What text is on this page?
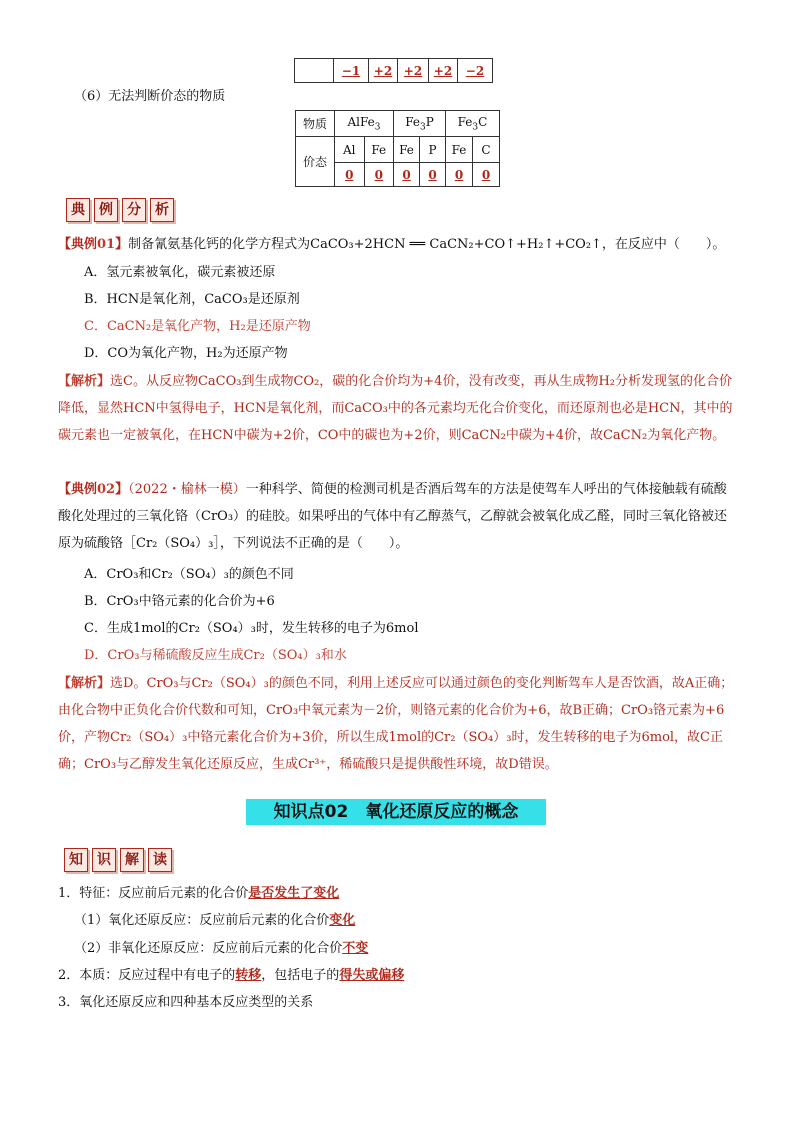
	−1	+2	+2	+2	−2
（6）无法判断价态的物质
物质	AlFe$_3$		$Fe_3P$		$Fe_3C$	
价态	Al	Fe	Fe	P	Fe	C
	0	0	0	0	0	0
典 例 分 析
【典例01】制备氰氨基化钙的化学方程式为CaCO₃+2HCN ══ CaCN₂+CO↑+H₂↑+CO₂↑，在反应中（　　）。
A．氢元素被氧化，碳元素被还原
B．HCN是氧化剂，CaCO₃是还原剂
C．CaCN₂是氧化产物，H₂是还原产物
D．CO为氧化产物，H₂为还原产物
【解析】选C。从反应物CaCO₃到生成物CO₂，碳的化合价均为+4价，没有改变，再从生成物H₂分析发现氢的化合价降低，显然HCN中氢得电子，HCN是氧化剂，而CaCO₃中的各元素均无化合价变化，而还原剂也必是HCN，其中的碳元素也一定被氧化，在HCN中碳为+2价，CO中的碳也为+2价，则CaCN₂中碳为+4价，故CaCN₂为氧化产物。
【典例02】（2022・榆林一模）一种科学、简便的检测司机是否酒后驾车的方法是使驾车人呼出的气体接触载有硫酸酸化处理过的三氧化铬（CrO₃）的硅胶。如果呼出的气体中有乙醇蒸气，乙醇就会被氧化成乙醛，同时三氧化铬被还原为硫酸铬［Cr₂（SO₄）₃］，下列说法不正确的是（　　）。
A．CrO₃和Cr₂（SO₄）₃的颜色不同
B．CrO₃中铬元素的化合价为+6
C．生成1mol的Cr₂（SO₄）₃时，发生转移的电子为6mol
D．CrO₃与稀硫酸反应生成Cr₂（SO₄）₃和水
【解析】选D。CrO₃与Cr₂（SO₄）₃的颜色不同，利用上述反应可以通过颜色的变化判断驾车人是否饮酒，故A正确；由化合物中正负化合价代数和可知，CrO₃中氧元素为－2价，则铬元素的化合价为+6，故B正确；CrO₃铬元素为+6价，产物Cr₂（SO₄）₃中铬元素化合价为+3价，所以生成1mol的Cr₂（SO₄）₃时，发生转移的电子为6mol，故C正确；CrO₃与乙醇发生氧化还原反应，生成Cr³⁺，稀硫酸只是提供酸性环境，故D错误。
知识点02　氧化还原反应的概念
知 识 解 读
1．特征：反应前后元素的化合价是否发生了变化
（1）氧化还原反应：反应前后元素的化合价变化
（2）非氧化还原反应：反应前后元素的化合价不变
2．本质：反应过程中有电子的转移，包括电子的得失或偏移
3．氧化还原反应和四种基本反应类型的关系
